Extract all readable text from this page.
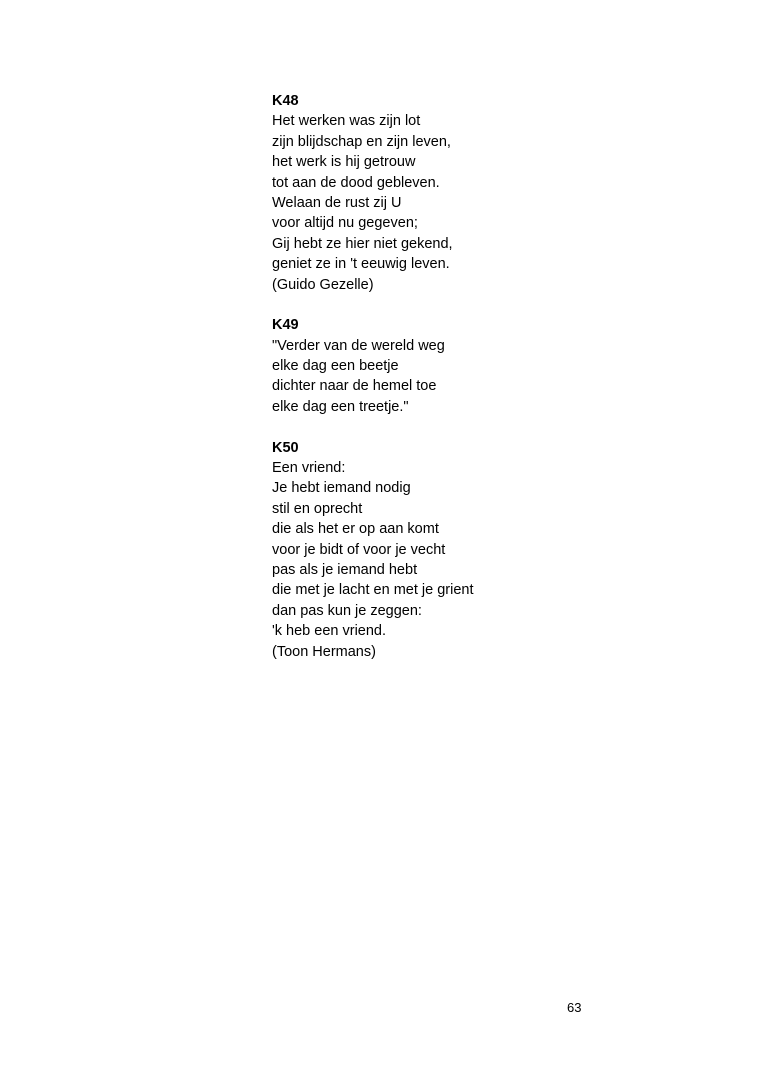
K48
Het werken was zijn lot
zijn blijdschap en zijn leven,
het werk is hij getrouw
tot aan de dood gebleven.
Welaan de rust zij U
voor altijd nu gegeven;
Gij hebt ze hier niet gekend,
geniet ze in 't eeuwig leven.
(Guido Gezelle)
K49
"Verder van de wereld weg
elke dag een beetje
dichter naar de hemel toe
elke dag een treetje."
K50
Een vriend:
Je hebt iemand nodig
stil en oprecht
die als het er op aan komt
voor je bidt of voor je vecht
pas als je iemand hebt
die met je lacht en met je grient
dan pas kun je zeggen:
'k heb een vriend.
(Toon Hermans)
63
